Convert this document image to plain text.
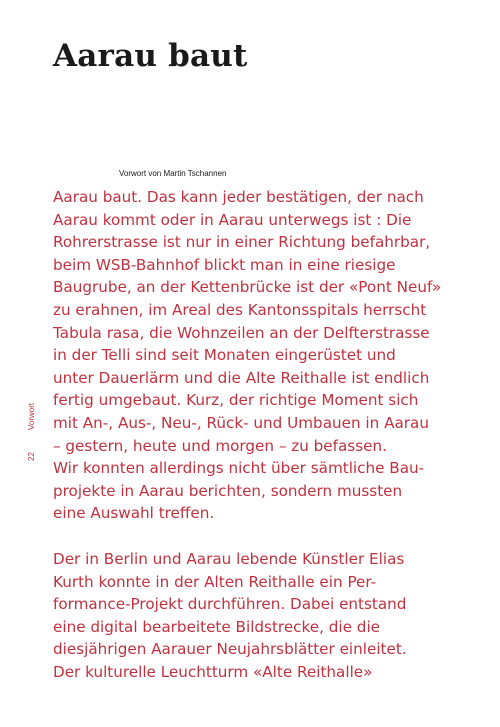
Aarau baut
Vorwort von Martin Tschannen
Vorwort
22
Aarau baut. Das kann jeder bestätigen, der nach
Aarau kommt oder in Aarau unterwegs ist : Die
Rohrerstrasse ist nur in einer Richtung befahrbar,
beim WSB-Bahnhof blickt man in eine riesige
Baugrube, an der Kettenbrücke ist der «Pont Neuf»
zu erahnen, im Areal des Kantonsspitals herrscht
Tabula rasa, die Wohnzeilen an der Delfterstrasse
in der Telli sind seit Monaten eingerüstet und
unter Dauerlärm und die Alte Reithalle ist endlich
fertig umgebaut. Kurz, der richtige Moment sich
mit An-, Aus-, Neu-, Rück- und Umbauen in Aarau
– gestern, heute und morgen – zu befassen.
Wir konnten allerdings nicht über sämtliche Bau-
projekte in Aarau berichten, sondern mussten
eine Auswahl treffen.
Der in Berlin und Aarau lebende Künstler Elias
Kurth konnte in der Alten Reithalle ein Per-
formance-Projekt durchführen. Dabei entstand
eine digital bearbeitete Bildstrecke, die die
diesjährigen Aarauer Neujahrsblätter einleitet.
Der kulturelle Leuchtturm «Alte Reithalle»
